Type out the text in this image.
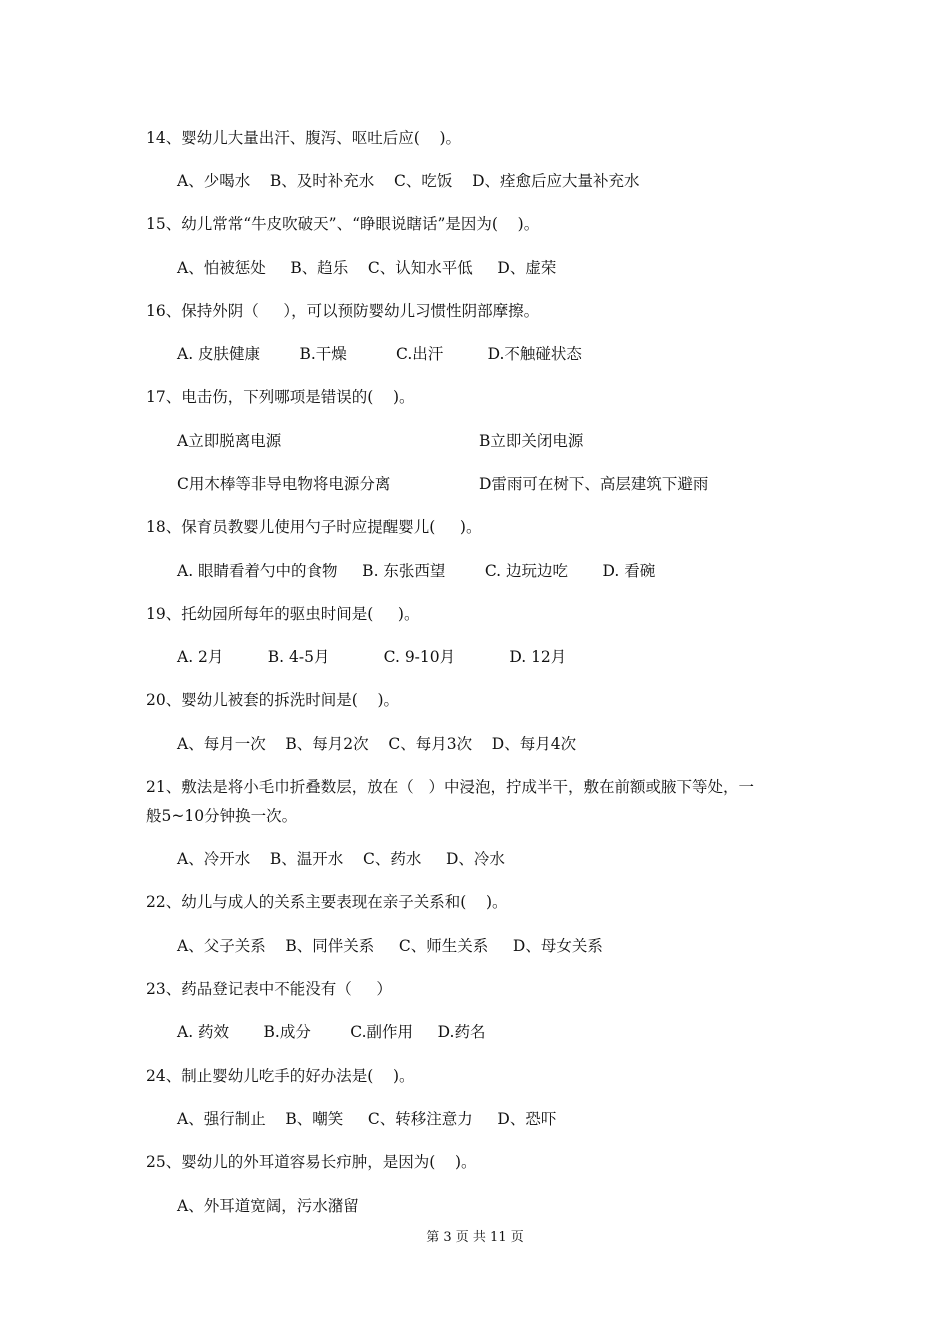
14、婴幼儿大量出汗、腹泻、呕吐后应(    )。
A、少喝水    B、及时补充水    C、吃饭    D、痊愈后应大量补充水
15、幼儿常常“牛皮吹破天”、“睁眼说瞎话”是因为(    )。
A、怕被惩处     B、趋乐    C、认知水平低     D、虚荣
16、保持外阴（     ），可以预防婴幼儿习惯性阴部摩擦。
A. 皮肤健康        B.干燥          C.出汗         D.不触碰状态
17、电击伤，下列哪项是错误的(    )。
A立即脱离电源	B立即关闭电源
C用木棒等非导电物将电源分离	D雷雨可在树下、高层建筑下避雨
18、保育员教婴儿使用勺子时应提醒婴儿(     )。
A. 眼睛看着勺中的食物     B. 东张西望        C. 边玩边吃       D. 看碗
19、托幼园所每年的驱虫时间是(     )。
A. 2月         B. 4-5月           C. 9-10月           D. 12月
20、婴幼儿被套的拆洗时间是(    )。
A、每月一次    B、每月2次    C、每月3次    D、每月4次
21、敷法是将小毛巾折叠数层，放在（   ）中浸泡，拧成半干，敷在前额或腋下等处，一
般5~10分钟换一次。
A、冷开水    B、温开水    C、药水     D、冷水
22、幼儿与成人的关系主要表现在亲子关系和(    )。
A、父子关系    B、同伴关系     C、师生关系     D、母女关系
23、药品登记表中不能没有（     ）
A. 药效       B.成分        C.副作用     D.药名
24、制止婴幼儿吃手的好办法是(    )。
A、强行制止    B、嘲笑     C、转移注意力     D、恐吓
25、婴幼儿的外耳道容易长疖肿，是因为(    )。
A、外耳道宽阔，污水潴留
第 3 页 共 11 页
